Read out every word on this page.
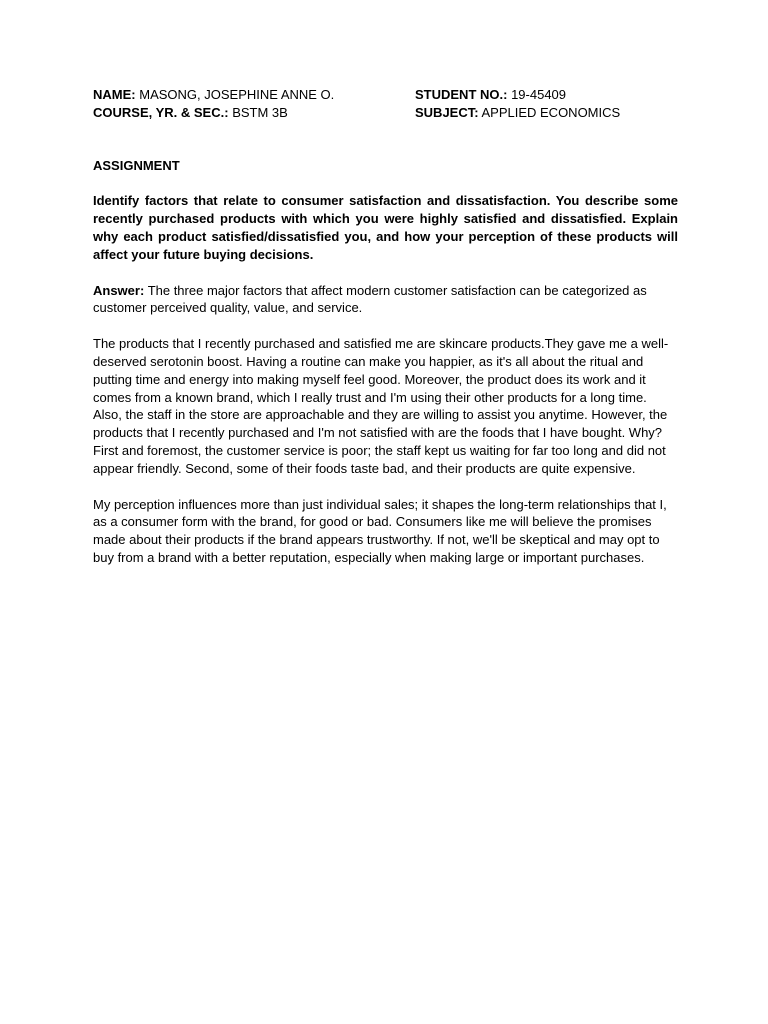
NAME: MASONG, JOSEPHINE ANNE O.	STUDENT NO.: 19-45409
COURSE, YR. & SEC.: BSTM 3B	SUBJECT: APPLIED ECONOMICS
ASSIGNMENT
Identify factors that relate to consumer satisfaction and dissatisfaction. You describe some recently purchased products with which you were highly satisfied and dissatisfied. Explain why each product satisfied/dissatisfied you, and how your perception of these products will affect your future buying decisions.
Answer: The three major factors that affect modern customer satisfaction can be categorized as customer perceived quality, value, and service.
The products that I recently purchased and satisfied me are skincare products.They gave me a well-deserved serotonin boost. Having a routine can make you happier, as it's all about the ritual and putting time and energy into making myself feel good. Moreover, the product does its work and it comes from a known brand, which I really trust and I'm using their other products for a long time. Also, the staff in the store are approachable and they are willing to assist you anytime. However, the products that I recently purchased and I'm not satisfied with are the foods that I have bought. Why? First and foremost, the customer service is poor; the staff kept us waiting for far too long and did not appear friendly. Second, some of their foods taste bad, and their products are quite expensive.
My perception influences more than just individual sales; it shapes the long-term relationships that I, as a consumer form with the brand, for good or bad. Consumers like me will believe the promises made about their products if the brand appears trustworthy. If not, we'll be skeptical and may opt to buy from a brand with a better reputation, especially when making large or important purchases.
